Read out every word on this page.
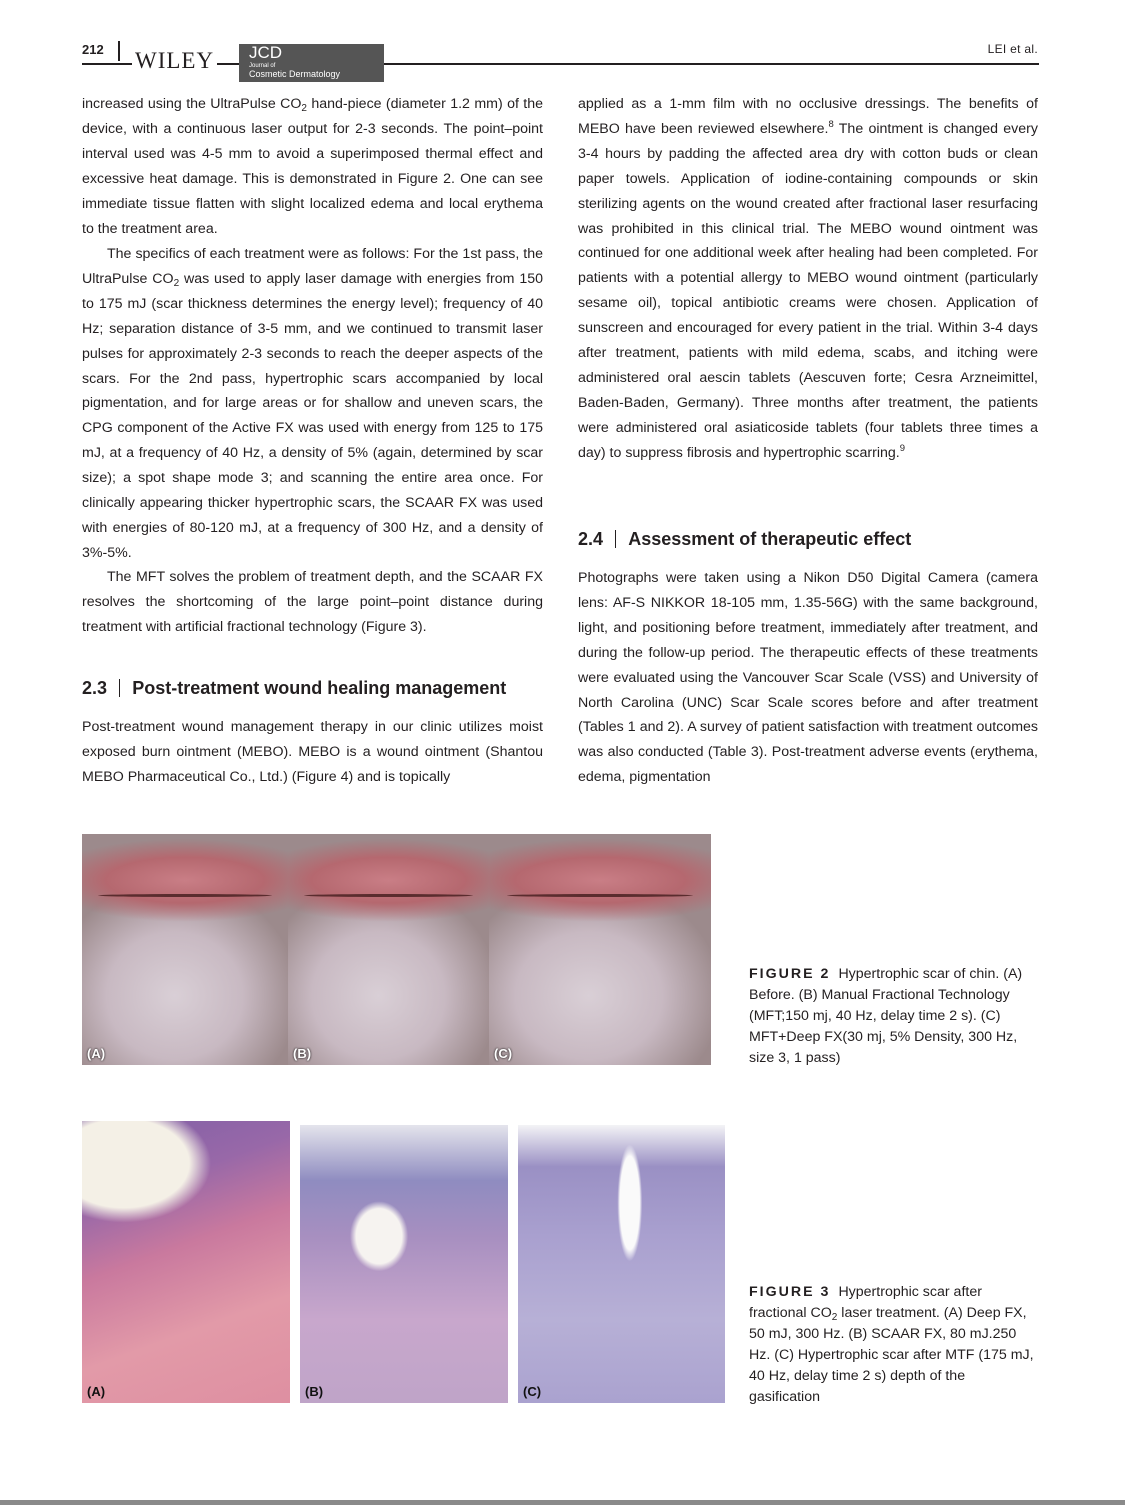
212 WILEY JCD
Journal of
Cosmetic Dermatology
LEI et al.

increased using the UltraPulse $CO_2$ hand-piece (diameter 1.2 mm) of the device, with a continuous laser output for 2-3 seconds. The point–point interval used was 4-5 mm to avoid a superimposed thermal effect and excessive heat damage. This is demonstrated in Figure 2. One can see immediate tissue flatten with slight localized edema and local erythema to the treatment area.

The specifics of each treatment were as follows: For the 1st pass, the UltraPulse $CO_2$ was used to apply laser damage with energies from 150 to 175 mJ (scar thickness determines the energy level); frequency of 40 Hz; separation distance of 3-5 mm, and we continued to transmit laser pulses for approximately 2-3 seconds to reach the deeper aspects of the scars. For the 2nd pass, hypertrophic scars accompanied by local pigmentation, and for large areas or for shallow and uneven scars, the CPG component of the Active FX was used with energy from 125 to 175 mJ, at a frequency of 40 Hz, a density of 5% (again, determined by scar size); a spot shape mode 3; and scanning the entire area once. For clinically appearing thicker hypertrophic scars, the SCAAR FX was used with energies of 80-120 mJ, at a frequency of 300 Hz, and a density of 3%-5%.

The MFT solves the problem of treatment depth, and the SCAAR FX resolves the shortcoming of the large point–point distance during treatment with artificial fractional technology (Figure 3).

2.3 Post-treatment wound healing management

Post-treatment wound management therapy in our clinic utilizes moist exposed burn ointment (MEBO). MEBO is a wound ointment (Shantou MEBO Pharmaceutical Co., Ltd.) (Figure 4) and is topically

applied as a 1-mm film with no occlusive dressings. The benefits of MEBO have been reviewed elsewhere.$^8$ The ointment is changed every 3-4 hours by padding the affected area dry with cotton buds or clean paper towels. Application of iodine-containing compounds or skin sterilizing agents on the wound created after fractional laser resurfacing was prohibited in this clinical trial. The MEBO wound ointment was continued for one additional week after healing had been completed. For patients with a potential allergy to MEBO wound ointment (particularly sesame oil), topical antibiotic creams were chosen. Application of sunscreen and encouraged for every patient in the trial. Within 3-4 days after treatment, patients with mild edema, scabs, and itching were administered oral aescin tablets (Aescuven forte; Cesra Arzneimittel, Baden-Baden, Germany). Three months after treatment, the patients were administered oral asiaticoside tablets (four tablets three times a day) to suppress fibrosis and hypertrophic scarring.$^9$

2.4 Assessment of therapeutic effect

Photographs were taken using a Nikon D50 Digital Camera (camera lens: AF-S NIKKOR 18-105 mm, 1.35-56G) with the same background, light, and positioning before treatment, immediately after treatment, and during the follow-up period. The therapeutic effects of these treatments were evaluated using the Vancouver Scar Scale (VSS) and University of North Carolina (UNC) Scar Scale scores before and after treatment (Tables 1 and 2). A survey of patient satisfaction with treatment outcomes was also conducted (Table 3). Post-treatment adverse events (erythema, edema, pigmentation

(A)	(B)	(C)

FIGURE 2 Hypertrophic scar of chin. (A) Before. (B) Manual Fractional Technology (MFT;150 mj, 40 Hz, delay time 2 s). (C) MFT+Deep FX(30 mj, 5% Density, 300 Hz, size 3, 1 pass)

(A)	(B)	(C)

FIGURE 3 Hypertrophic scar after fractional $CO_2$ laser treatment. (A) Deep FX, 50 mJ, 300 Hz. (B) SCAAR FX, 80 mJ.250 Hz. (C) Hypertrophic scar after MTF (175 mJ, 40 Hz, delay time 2 s) depth of the gasification
